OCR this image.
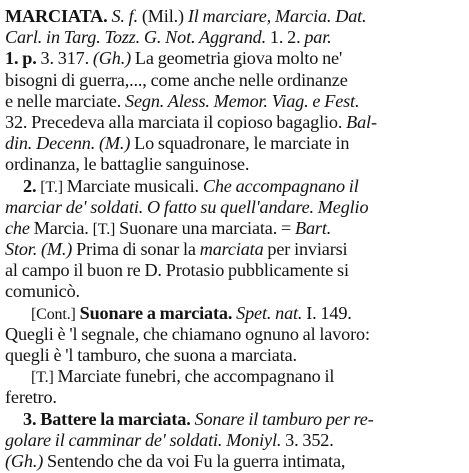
MARCIATA. S. f. (Mil.) Il marciare, Marcia. Dat.
Carl. in Targ. Tozz. G. Not. Aggrand. 1. 2. par.
1. p. 3. 317. (Gh.) La geometria giova molto ne'
bisogni di guerra,..., come anche nelle ordinanze
e nelle marciate. Segn. Aless. Memor. Viag. e Fest.
32. Precedeva alla marciata il copioso bagaglio. Bal-
din. Decenn. (M.) Lo squadronare, le marciate in
ordinanza, le battaglie sanguinose.
2. [T.] Marciate musicali. Che accompagnano il
marciar de' soldati. O fatto su quell'andare. Meglio
che Marcia. [T.] Suonare una marciata. = Bart.
Stor. (M.) Prima di sonar la marciata per inviarsi
al campo il buon re D. Protasio pubblicamente si
comunicò.
[Cont.] Suonare a marciata. Spet. nat. I. 149.
Quegli è 'l segnale, che chiamano ognuno al lavoro:
quegli è 'l tamburo, che suona a marciata.
[T.] Marciate funebri, che accompagnano il
feretro.
3. Battere la marciata. Sonare il tamburo per re-
golare il camminar de' soldati. Moniyl. 3. 352.
(Gh.) Sentendo che da voi Fu la guerra intimata,
